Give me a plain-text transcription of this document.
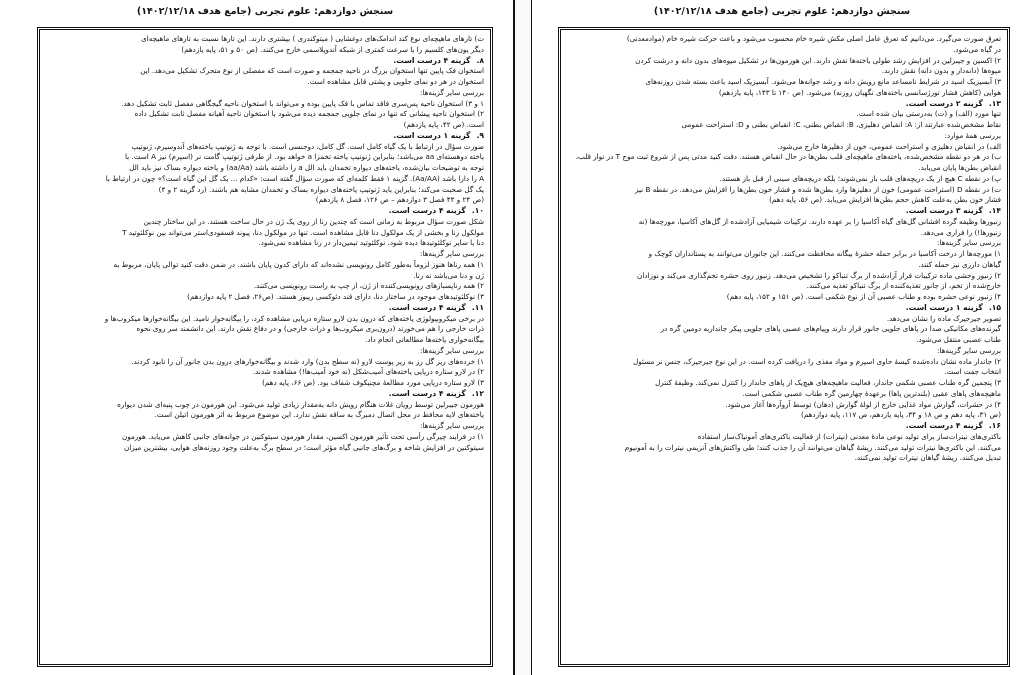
سنجش دوازدهم: علوم تجربی (جامع هدف ۱۴۰۲/۱۲/۱۸)
ت) تارهای ماهیچه‌ای نوع کند اندامک‌های دوغشایی ( میتوکندری ) بیشتری دارند. این تارها نسبت به تارهای ماهیچه‌ای
دیگر یون‌های کلسیم را با سرعت کمتری از شبکه آندوپلاسمی خارج می‌کنند. (ص ۵۰ و ۵۱، پایه یازدهم)
۸.گزینه ۴ درست است.
استخوان فک پایین تنها استخوان بزرگ در ناحیه جمجمه و صورت است که مفصلی از نوع متحرک تشکیل می‌دهد. این
استخوان در هر دو نمای جلویی و پشتی قابل مشاهده است.
بررسی سایر گزینه‌ها:
۱ و ۳) استخوان ناحیه پس‌سری فاقد تماس با فک پایین بوده و می‌تواند با استخوان ناحیه گیجگاهی مفصل ثابت تشکیل دهد.
۲) استخوان ناحیه پیشانی که تنها در نمای جلویی جمجمه دیده می‌شود با استخوان ناحیه آهیانه مفصل ثابت تشکیل داده
است. (ص ۴۲، پایه یازدهم)
۹.گزینه ۱ درست است.
صورت سؤال در ارتباط با یک گیاه کامل است. گل کامل، دوجنسی است. با توجه به ژنوتیپ یاخته‌های آندوسپرم، ژنوتیپ
یاخته دوهسته‌ای aa می‌باشد؛ بنابراین ژنوتیپ یاخته تخمزا a خواهد بود. از طرفی ژنوتیپ گامت نر (اسپرم) نیز A است. با
توجه به توضیحات بیان‌شده، یاخته‌های دیواره تخمدان باید الل a را داشته باشد (aa/Aa) و یاخته دیواره بساک نیز باید الل
A را دارا باشد (Aa/AA). گزینه ۱ فقط کلمه‌ای که صورت سؤال گفته است: «کدام ... یک گل این گیاه است؟» چون در ارتباط با
یک گل صحبت می‌کند؛ بنابراین باید ژنوتیپ یاخته‌های دیواره بساک و تخمدان مشابه هم باشند. (رد گزینه ۲ و ۴)
(ص ۲۴ و ۴۴ فصل ۳ دوازدهم – ص ۱۲۶، فصل ۸ یازدهم)
۱۰.گزینه ۴ درست است.
شکل صورت سؤال مربوط به زمانی است که چندین رنا از روی یک ژن در حال ساخت هستند. در این ساختار چندین
مولکول رنا و بخشی از یک مولکول دنا قابل مشاهده است. تنها در مولکول دنا، پیوند فسفودی‌استر می‌تواند بین نوکلئوتید T
دنا با سایر نوکلئوتیدها دیده شود. نوکلئوتید تیمین‌دار در رنا مشاهده نمی‌شود.
بررسی سایر گزینه‌ها:
۱) همه رناها هنوز لزوماً به‌طور کامل رونویسی نشده‌اند که دارای کدون پایان باشند. در ضمن دقت کنید توالی پایان، مربوط به
ژن و دنا می‌باشد نه رنا.
۲) همه رناپسبازهای رونویسی‌کننده از ژن، از چپ به راست رونویسی می‌کنند.
۳) نوکلئوتیدهای موجود در ساختار دنا، دارای قند دئوکسی ریبوز هستند. (ص۲۶، فصل ۲ پایه دوازدهم)
۱۱.گزینه ۴ درست است.
در برخی میکروبیولوژی یاخته‌های که درون بدن لارو ستاره دریایی مشاهده کرد، را بیگانه‌خوار نامید. این بیگانه‌خوارها میکروب‌ها و
ذرات خارجی را هم می‌خورند (درون‌بری میکروب‌ها و ذرات خارجی) و در دفاع نقش دارند. این دانشمند سر روی نحوه
بیگانه‌خواری یاخته‌ها مطالعاتی انجام داد.
بررسی سایر گزینه‌ها:
۱) خرده‌های ریز گل رز به زیر پوست لارو (نه سطح بدن) وارد شدند و بیگانه‌خوارهای درون بدن جانور آن را نابود کردند.
۲) در لارو ستاره دریایی یاخته‌های آمیب‌شکل (نه خود آمیب‌ها!) مشاهده شدند.
۳) لارو ستاره دریایی مورد مطالعهٔ مچنیکوف شفاف بود. (ص ۶۶، پایه دهم)
۱۲.گزینه ۴ درست است.
هورمون جیبرلین توسط رویان غلات هنگام رویش دانه به‌مقدار زیادی تولید می‌شود. این هورمون در چوب پنبه‌ای شدن دیواره
یاخته‌های لایه محافظ در محل اتصال دمبرگ به ساقه نقش ندارد. این موضوع مربوط به اثر هورمون اتیلن است.
بررسی سایر گزینه‌ها:
۱) در فرایند چیرگی رأسی تحت تأثیر هورمون اکسین، مقدار هورمون سیتوکنین در جوانه‌های جانبی کاهش می‌یابد. هورمون
سیتوکنین در افزایش شاخه و برگ‌های جانبی گیاه مؤثر است؛ در سطح برگ به‌علت وجود روزنه‌های هوایی، بیشترین میزان
سنجش دوازدهم: علوم تجربی (جامع هدف ۱۴۰۲/۱۲/۱۸)
تعرق صورت می‌گیرد. می‌دانیم که تعرق عامل اصلی مکش شیره خام محسوب می‌شود و باعث حرکت شیره خام (موادمعدنی)
در گیاه می‌شود.
۲) اکسین و جیبرلین در افزایش رشد طولی یاخته‌ها نقش دارند. این هورمون‌ها در تشکیل میوه‌های بدون دانه و درشت کردن
میوه‌ها (دانه‌دار و بدون دانه) نقش دارند.
۳) آبسیزیک اسید در شرایط نامساعد مانع رویش دانه و رشد جوانه‌ها می‌شود. آبسیزیک اسید باعث بسته شدن روزنه‌های
هوایی (کاهش فشار تورژسانسی یاخته‌های نگهبان روزنه) می‌شود. (ص ۱۴۰ تا ۱۴۳، پایه یازدهم)
۱۳.گزینه ۲ درست است.
تنها مورد (الف) و (ت) به‌درستی بیان شده است.
نقاط مشخص‌شده عبارتند از: A: انقباض دهلیزی، B: انقباض بطنی، C: انقباض بطنی و D: استراحت عمومی
بررسی همهٔ موارد:
الف) در انقباض دهلیزی و استراحت عمومی، خون از دهلیزها خارج می‌شود.
ب) در هر دو نقطه مشخص‌شده، یاخته‌های ماهیچه‌ای قلب بطن‌ها در حال انقباض هستند. دقت کنید مدتی پس از شروع ثبت موج T در نوار قلب،
انقباض بطن‌ها پایان می‌یابد.
پ) در نقطه C هیچ از یک دریچه‌های قلب باز نمی‌شوند؛ بلکه دریچه‌های سینی از قبل باز هستند.
ت) در نقطه D (استراحت عمومی) خون از دهلیزها وارد بطن‌ها شده و فشار خون بطن‌ها را افزایش می‌دهد. در نقطه B نیز
فشار خون بطن به‌علت کاهش حجم بطن‌ها افزایش می‌یابد. (ص ۵۶، پایه دهم)
۱۴.گزینه ۳ درست است.
زنبورها وظیفه گرده افشانی گل‌های گیاه آکاسیا را بر عهده دارند. ترکیبات شیمیایی آزادشده از گل‌های آکاسیا، مورچه‌ها (نه
زنبورها!) را فراری می‌دهد.
بررسی سایر گزینه‌ها:
۱) مورچه‌ها از درخت آکاسیا در برابر حمله حشرهٔ بیگانه محافظت می‌کنند. این جانوران می‌توانند به پستانداران کوچک و
گیاهان دارزی نیز حمله کنند.
۲) زنبور وحشی ماده ترکیبات فرار آزادشده از برگ تنباکو را تشخیص می‌دهد. زنبور روی حشره تخم‌گذاری می‌کند و نوزادان
خارج‌شده از تخم، از جانور تغذیه‌کننده از برگ تنباکو تغذیه می‌کنند.
۴) زنبور نوعی حشره بوده و طناب عصبی آن از نوع شکمی است. (ص ۱۵۱ و ۱۵۲، پایه دهم)
۱۵.گزینه ۱ درست است.
تصویر جیرجیرک ماده را نشان می‌دهد.
گیرنده‌های مکانیکی صدا در پاهای جلویی جانور قرار دارند وپیام‌های عصبی پاهای جلویی پیکر جانداربه دومین گره در
طناب عصبی منتقل می‌شود.
بررسی سایر گزینه‌ها:
۲) جاندار ماده نشان داده‌شده کیسهٔ حاوی اسپرم و مواد مغذی را دریافت کرده است. در این نوع جیرجیرک، جنس نر مسئول
انتخاب جفت است.
۳) پنجمین گره طناب عصبی شکمی جاندار، فعالیت ماهیچه‌های هیچ‌یک از پاهای جاندار را کنترل نمی‌کند. وظیفهٔ کنترل
ماهیچه‌های پاهای عقبی (بلندترین پاها) برعهدهٔ چهارمین گره طناب عصبی شکمی است.
۴) در حشرات، گوارش مواد غذایی خارج از لولهٔ گوارش (دهان) توسط آروآره‌ها آغاز می‌شود.
(ص ۳۱، پایه دهم و ص ۱۸ و ۳۴، پایه یازدهم، ص ۱۱۷، پایه دوازدهم)
۱۶.گزینه ۴ درست است.
باکتری‌های نیترات‌ساز برای تولید نوعی مادهٔ معدنی (نیترات) از فعالیت باکتری‌های آمونیاک‌ساز استفاده
می‌کنند. این باکتری‌ها نیترات تولید می‌کنند. ریشهٔ گیاهان می‌توانند آن را جذب کنند؛ طی واکنش‌های آنزیمی نیترات را به آمونیوم
تبدیل می‌کنند. ریشهٔ گیاهان نیترات تولید نمی‌کنند.
